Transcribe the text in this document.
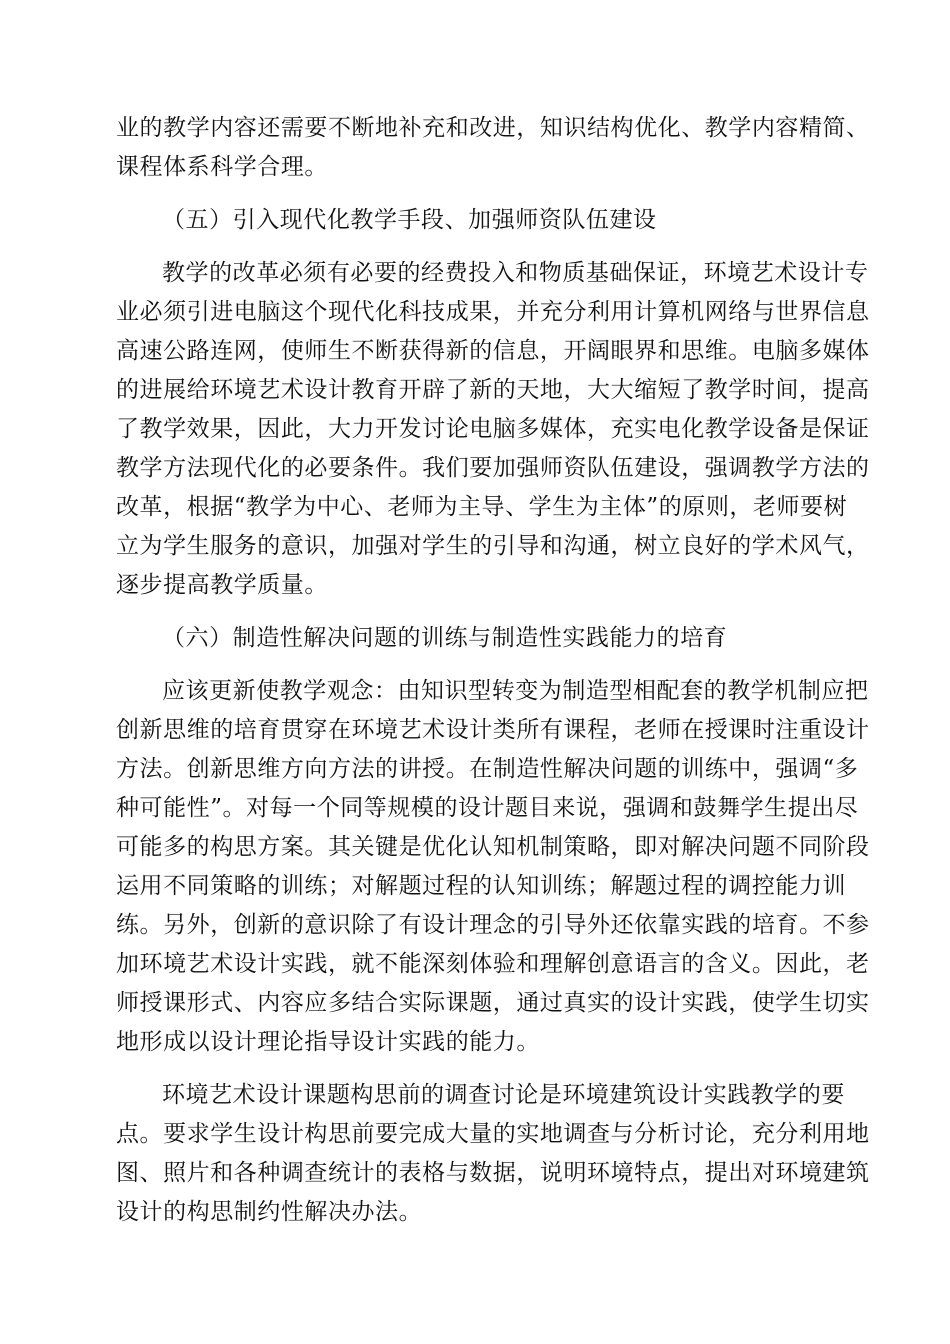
业的教学内容还需要不断地补充和改进，知识结构优化、教学内容精简、

课程体系科学合理。

（五）引入现代化教学手段、加强师资队伍建设

教学的改革必须有必要的经费投入和物质基础保证，环境艺术设计专

业必须引进电脑这个现代化科技成果，并充分利用计算机网络与世界信息

高速公路连网，使师生不断获得新的信息，开阔眼界和思维。电脑多媒体

的进展给环境艺术设计教育开辟了新的天地，大大缩短了教学时间，提高

了教学效果，因此，大力开发讨论电脑多媒体，充实电化教学设备是保证

教学方法现代化的必要条件。我们要加强师资队伍建设，强调教学方法的

改革，根据“教学为中心、老师为主导、学生为主体”的原则，老师要树

立为学生服务的意识，加强对学生的引导和沟通，树立良好的学术风气，

逐步提高教学质量。

（六）制造性解决问题的训练与制造性实践能力的培育

应该更新使教学观念：由知识型转变为制造型相配套的教学机制应把

创新思维的培育贯穿在环境艺术设计类所有课程，老师在授课时注重设计

方法。创新思维方向方法的讲授。在制造性解决问题的训练中，强调“多

种可能性”。对每一个同等规模的设计题目来说，强调和鼓舞学生提出尽

可能多的构思方案。其关键是优化认知机制策略，即对解决问题不同阶段

运用不同策略的训练；对解题过程的认知训练；解题过程的调控能力训

练。另外，创新的意识除了有设计理念的引导外还依靠实践的培育。不参

加环境艺术设计实践，就不能深刻体验和理解创意语言的含义。因此，老

师授课形式、内容应多结合实际课题，通过真实的设计实践，使学生切实

地形成以设计理论指导设计实践的能力。

环境艺术设计课题构思前的调查讨论是环境建筑设计实践教学的要

点。要求学生设计构思前要完成大量的实地调查与分析讨论，充分利用地

图、照片和各种调查统计的表格与数据，说明环境特点，提出对环境建筑

设计的构思制约性解决办法。
